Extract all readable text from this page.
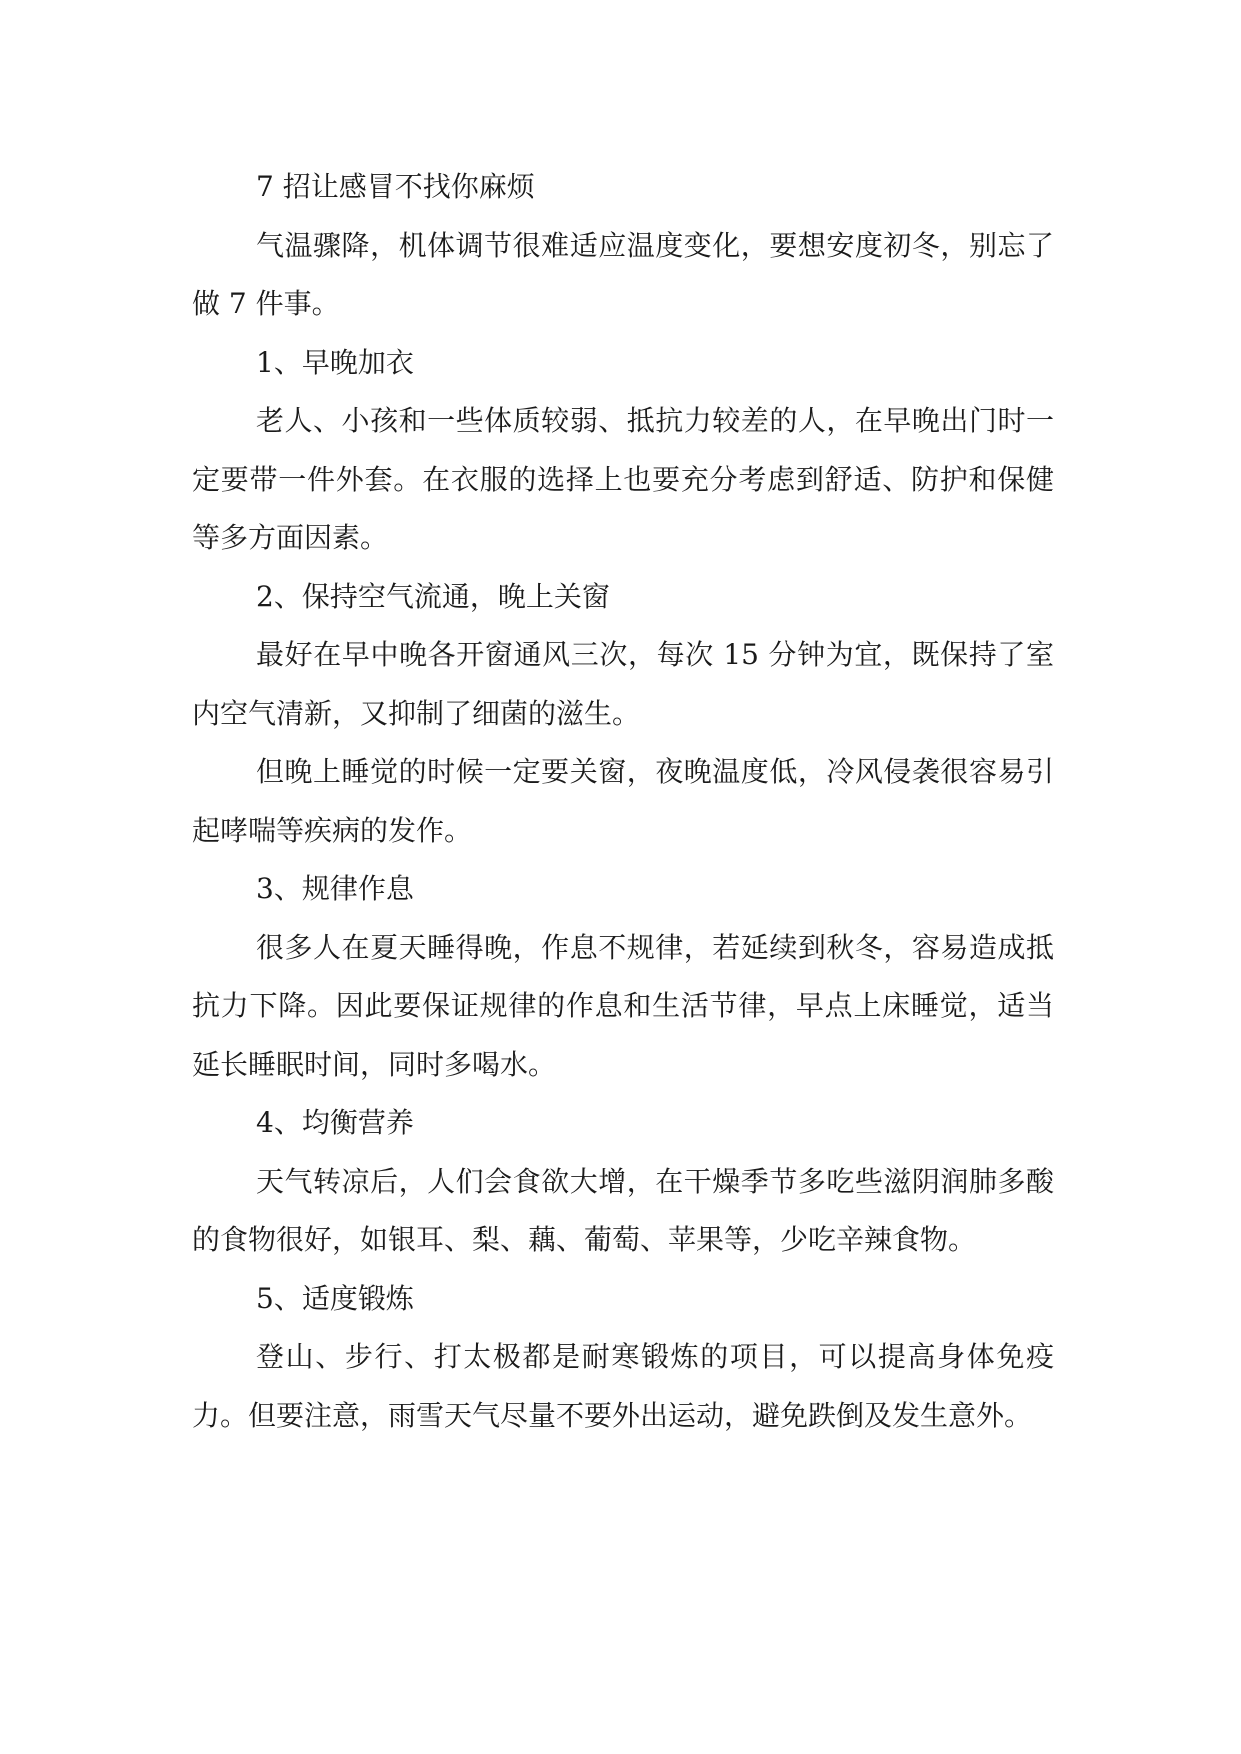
7 招让感冒不找你麻烦

气温骤降，机体调节很难适应温度变化，要想安度初冬，别忘了做 7 件事。

1、早晚加衣

老人、小孩和一些体质较弱、抵抗力较差的人，在早晚出门时一定要带一件外套。在衣服的选择上也要充分考虑到舒适、防护和保健等多方面因素。

2、保持空气流通，晚上关窗

最好在早中晚各开窗通风三次，每次 15 分钟为宜，既保持了室内空气清新，又抑制了细菌的滋生。

但晚上睡觉的时候一定要关窗，夜晚温度低，冷风侵袭很容易引起哮喘等疾病的发作。

3、规律作息

很多人在夏天睡得晚，作息不规律，若延续到秋冬，容易造成抵抗力下降。因此要保证规律的作息和生活节律，早点上床睡觉，适当延长睡眠时间，同时多喝水。

4、均衡营养

天气转凉后，人们会食欲大增，在干燥季节多吃些滋阴润肺多酸的食物很好，如银耳、梨、藕、葡萄、苹果等，少吃辛辣食物。

5、适度锻炼

登山、步行、打太极都是耐寒锻炼的项目，可以提高身体免疫力。但要注意，雨雪天气尽量不要外出运动，避免跌倒及发生意外。
